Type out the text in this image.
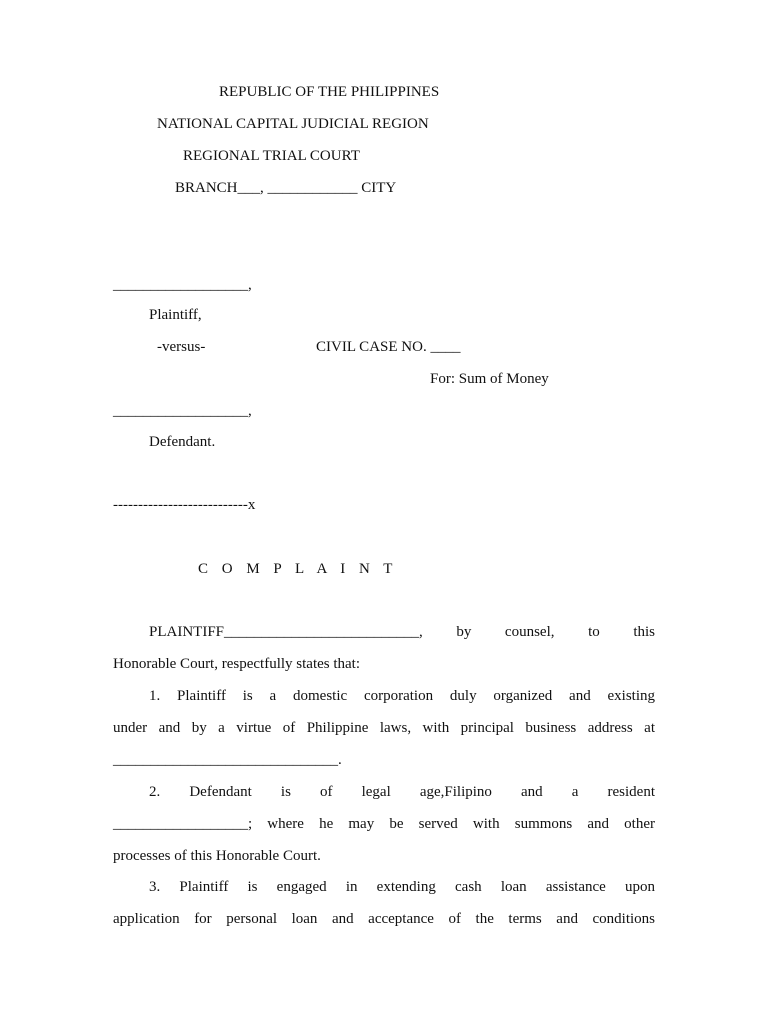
REPUBLIC OF THE PHILIPPINES
NATIONAL CAPITAL JUDICIAL REGION
REGIONAL TRIAL COURT
BRANCH___, ____________ CITY
__________________,
Plaintiff,
-versus-	CIVIL CASE NO. ____
For: Sum of Money
__________________,
Defendant.
---------------------------x
C O M P L A I N T
PLAINTIFF__________________________, by counsel, to this
Honorable Court, respectfully states that:
1. Plaintiff is a domestic corporation duly organized and existing
under and by a virtue of Philippine laws, with principal business address at
______________________________.
2. Defendant is of legal age,Filipino and a resident
__________________; where he may be served with summons and other
processes of this Honorable Court.
3. Plaintiff is engaged in extending cash loan assistance upon
application for personal loan and acceptance of the terms and conditions
